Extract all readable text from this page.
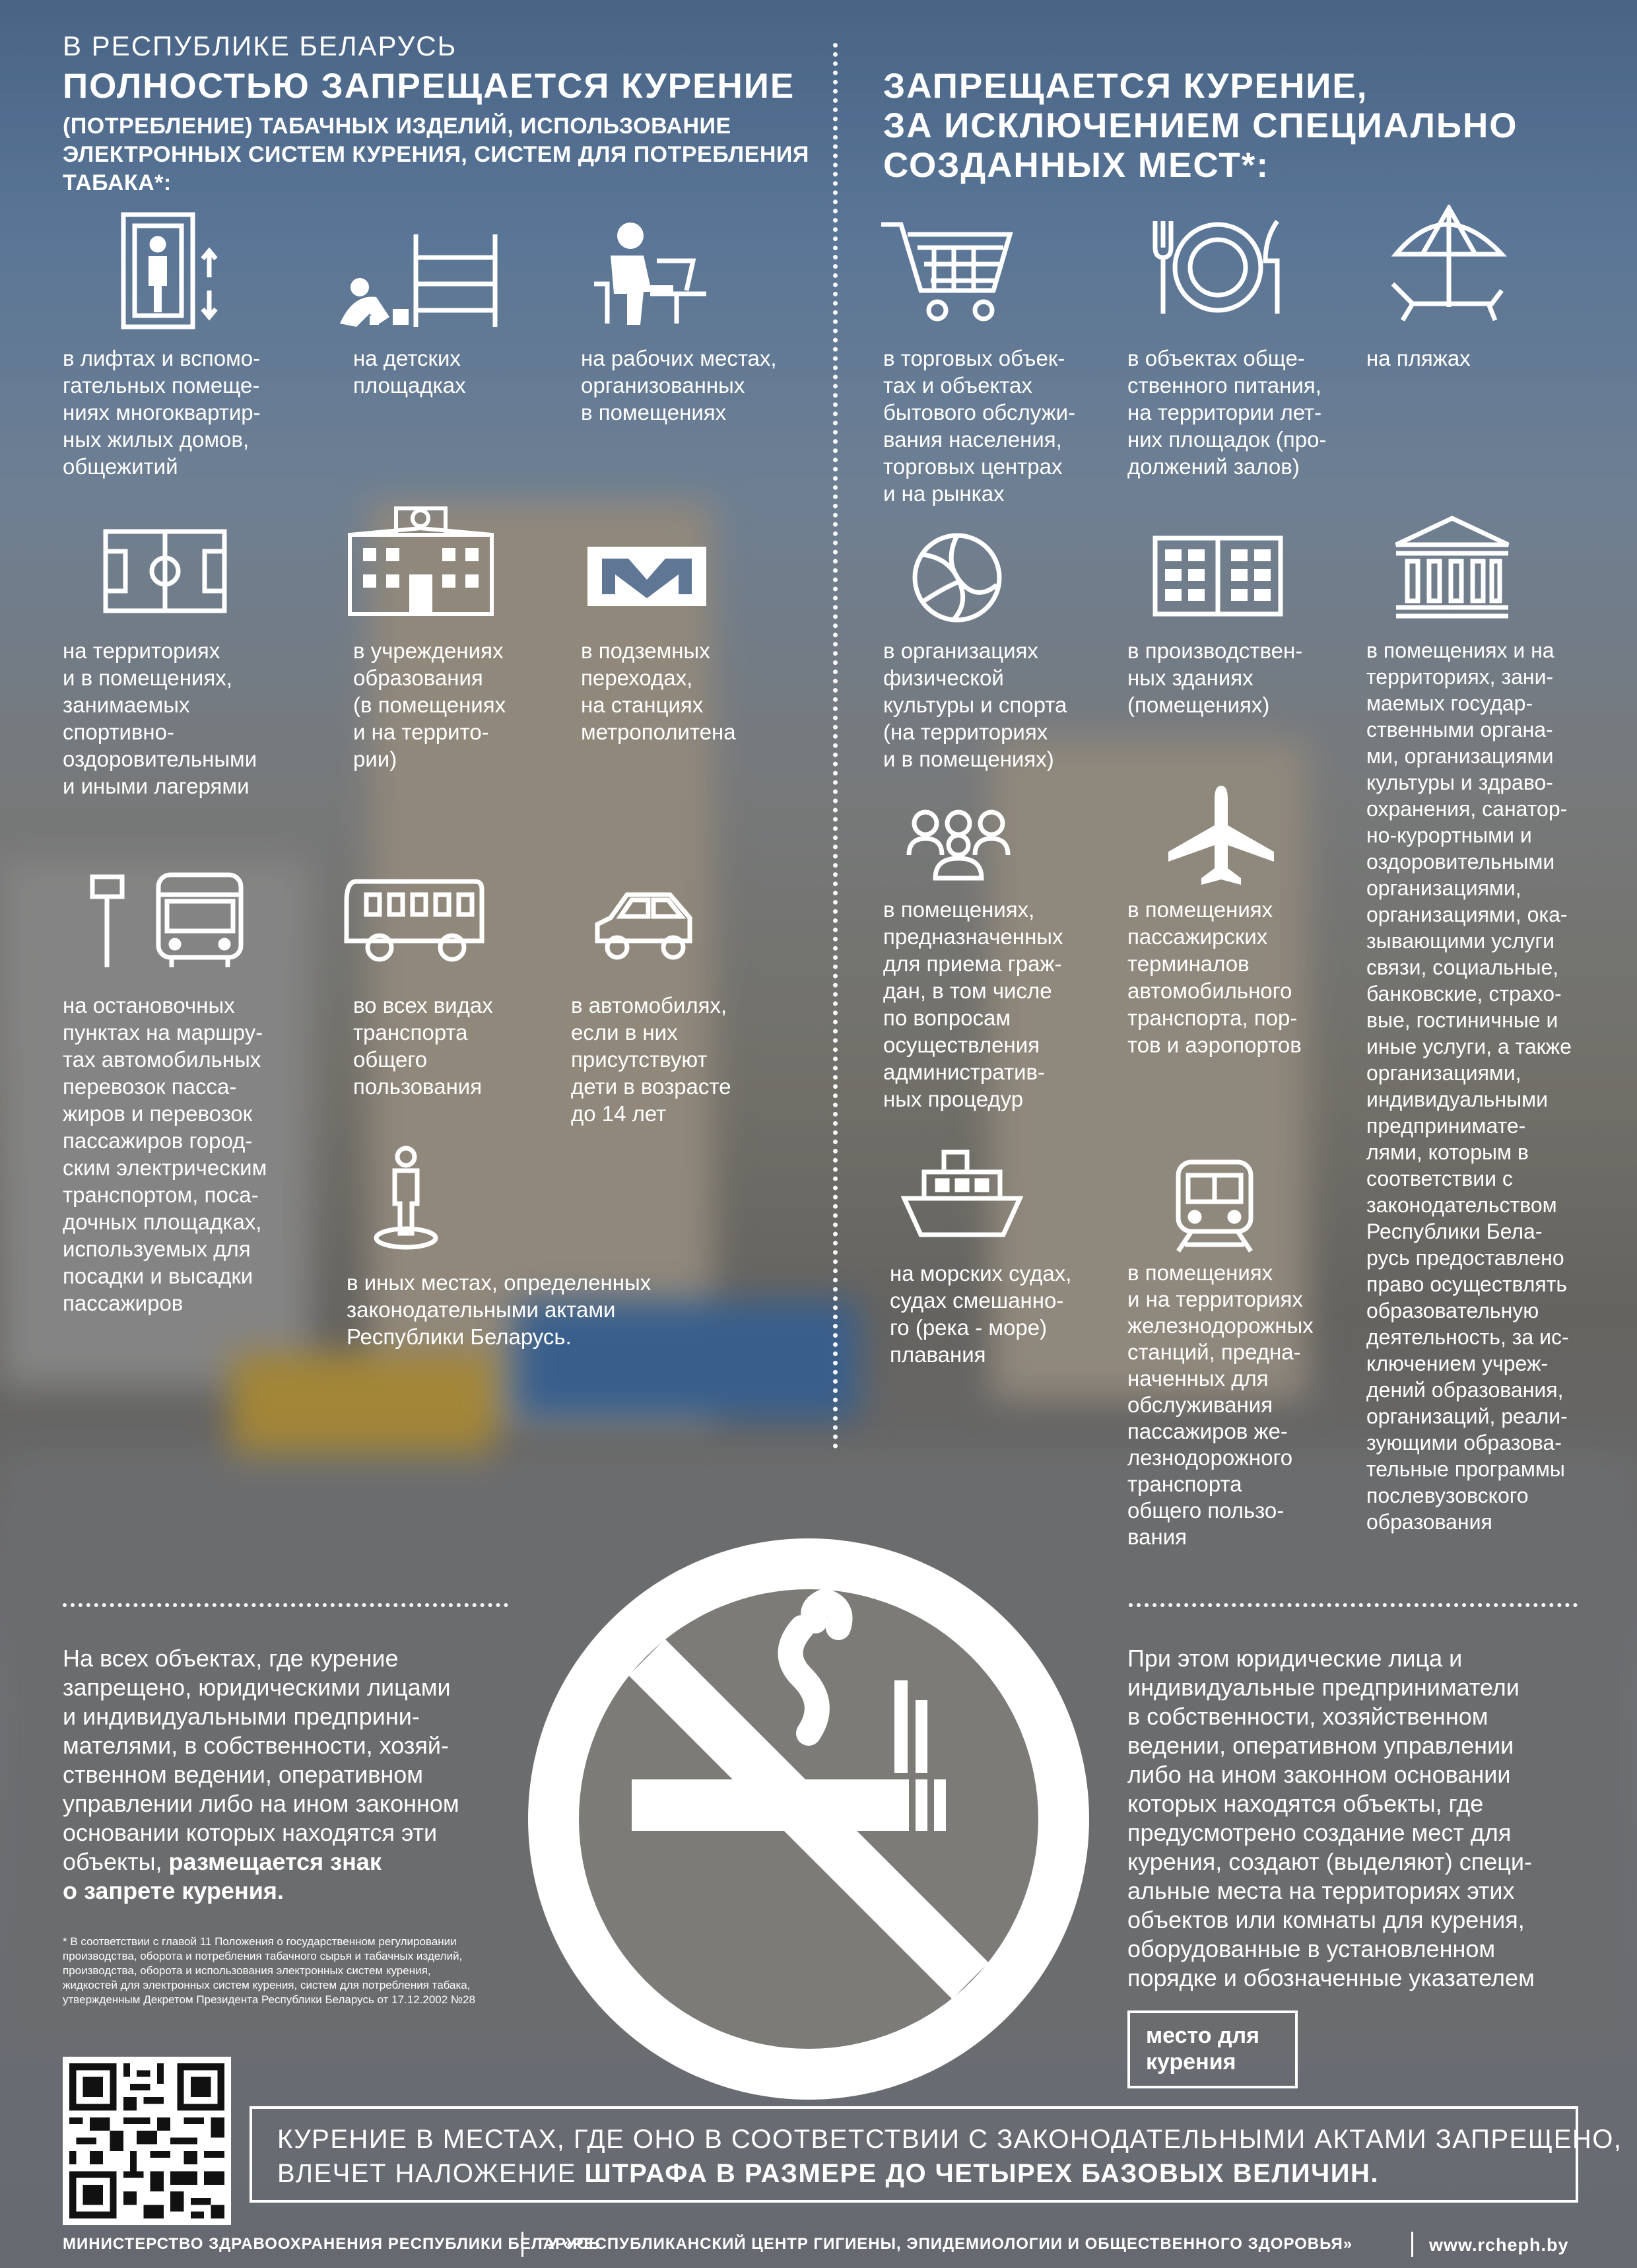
В РЕСПУБЛИКЕ БЕЛАРУСЬ
ПОЛНОСТЬЮ ЗАПРЕЩАЕТСЯ КУРЕНИЕ
(ПОТРЕБЛЕНИЕ) ТАБАЧНЫХ ИЗДЕЛИЙ, ИСПОЛЬЗОВАНИЕ
ЭЛЕКТРОННЫХ СИСТЕМ КУРЕНИЯ, СИСТЕМ ДЛЯ ПОТРЕБЛЕНИЯ
ТАБАКА*:
ЗАПРЕЩАЕТСЯ КУРЕНИЕ,
ЗА ИСКЛЮЧЕНИЕМ СПЕЦИАЛЬНО
СОЗДАННЫХ МЕСТ*:
в лифтах и вспомо-
гательных помеще-
ниях многоквартир-
ных жилых домов,
общежитий
на детских
площадках
на рабочих местах,
организованных
в помещениях
на территориях
и в помещениях,
занимаемых
спортивно-
оздоровительными
и иными лагерями
в учреждениях
образования
(в помещениях
и на террито-
рии)
в подземных
переходах,
на станциях
метрополитена
на остановочных
пунктах на маршру-
тах автомобильных
перевозок пасса-
жиров и перевозок
пассажиров город-
ским электрическим
транспортом, поса-
дочных площадках,
используемых для
посадки и высадки
пассажиров
во всех видах
транспорта
общего
пользования
в автомобилях,
если в них
присутствуют
дети в возрасте
до 14 лет
в иных местах, определенных
законодательными актами
Республики Беларусь.
в торговых объек-
тах и объектах
бытового обслужи-
вания населения,
торговых центрах
и на рынках
в объектах обще-
ственного питания,
на территории лет-
них площадок (про-
должений залов)
на пляжах
в организациях
физической
культуры и спорта
(на территориях
и в помещениях)
в производствен-
ных зданиях
(помещениях)
в помещениях и на
территориях, зани-
маемых государ-
ственными органа-
ми, организациями
культуры и здраво-
охранения, санатор-
но-курортными и
оздоровительными
организациями,
организациями, ока-
зывающими услуги
связи, социальные,
банковские, страхо-
вые, гостиничные и
иные услуги, а также
организациями,
индивидуальными
предпринимате-
лями, которым в
соответствии с
законодательством
Республики Бела-
русь предоставлено
право осуществлять
образовательную
деятельность, за ис-
ключением учреж-
дений образования,
организаций, реали-
зующими образова-
тельные программы
послевузовского
образования
в помещениях,
предназначенных
для приема граж-
дан, в том числе
по вопросам
осуществления
административ-
ных процедур
в помещениях
пассажирских
терминалов
автомобильного
транспорта, пор-
тов и аэропортов
на морских судах,
судах смешанно-
го (река - море)
плавания
в помещениях
и на территориях
железнодорожных
станций, предна-
наченных для
обслуживания
пассажиров же-
лезнодорожного
транспорта
общего пользо-
вания
На всех объектах, где курение
запрещено, юридическими лицами
и индивидуальными предприни-
мателями, в собственности, хозяй-
ственном ведении, оперативном
управлении либо на ином законном
основании которых находятся эти
объекты, размещается знак
о запрете курения.
* В соответствии с главой 11 Положения о государственном регулировании
производства, оборота и потребления табачного сырья и табачных изделий,
производства, оборота и использования электронных систем курения,
жидкостей для электронных систем курения, систем для потребления табака,
утвержденным Декретом Президента Республики Беларусь от 17.12.2002 №28
При этом юридические лица и
индивидуальные предприниматели
в собственности, хозяйственном
ведении, оперативном управлении
либо на ином законном основании
которых находятся объекты, где
предусмотрено создание мест для
курения, создают (выделяют) специ-
альные места на территориях этих
объектов или комнаты для курения,
оборудованные в установленном
порядке и обозначенные указателем
место для
курения
КУРЕНИЕ В МЕСТАХ, ГДЕ ОНО В СООТВЕТСТВИИ С ЗАКОНОДАТЕЛЬНЫМИ АКТАМИ ЗАПРЕЩЕНО,
ВЛЕЧЕТ НАЛОЖЕНИЕ ШТРАФА В РАЗМЕРЕ ДО ЧЕТЫРЕХ БАЗОВЫХ ВЕЛИЧИН.
МИНИСТЕРСТВО ЗДРАВООХРАНЕНИЯ РЕСПУБЛИКИ БЕЛАРУСЬ
ГУ «РЕСПУБЛИКАНСКИЙ ЦЕНТР ГИГИЕНЫ, ЭПИДЕМИОЛОГИИ И ОБЩЕСТВЕННОГО ЗДОРОВЬЯ»	www.rcheph.by
